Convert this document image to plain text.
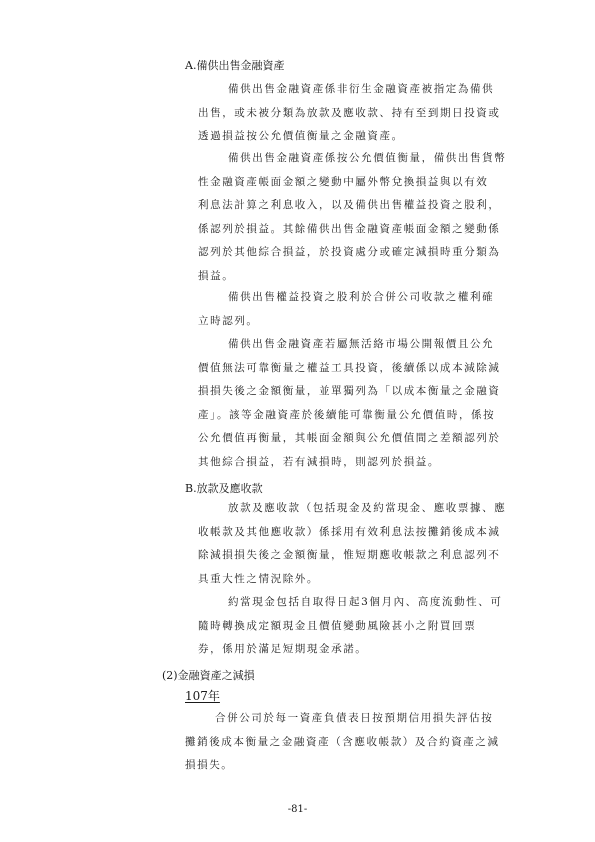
A.備供出售金融資產
備供出售金融資產係非衍生金融資產被指定為備供
出售，或未被分類為放款及應收款、持有至到期日投資或
透過損益按公允價值衡量之金融資產。
備供出售金融資產係按公允價值衡量，備供出售貨幣
性金融資產帳面金額之變動中屬外幣兌換損益與以有效
利息法計算之利息收入，以及備供出售權益投資之股利，
係認列於損益。其餘備供出售金融資產帳面金額之變動係
認列於其他綜合損益，於投資處分或確定減損時重分類為
損益。
備供出售權益投資之股利於合併公司收款之權利確
立時認列。
備供出售金融資產若屬無活絡市場公開報價且公允
價值無法可靠衡量之權益工具投資，後續係以成本減除減
損損失後之金額衡量，並單獨列為「以成本衡量之金融資
產」。該等金融資產於後續能可靠衡量公允價值時，係按
公允價值再衡量，其帳面金額與公允價值間之差額認列於
其他綜合損益，若有減損時，則認列於損益。
B.放款及應收款
放款及應收款（包括現金及約當現金、應收票據、應
收帳款及其他應收款）係採用有效利息法按攤銷後成本減
除減損損失後之金額衡量，惟短期應收帳款之利息認列不
具重大性之情況除外。
約當現金包括自取得日起3個月內、高度流動性、可
隨時轉換成定額現金且價值變動風險甚小之附買回票
券，係用於滿足短期現金承諾。
(2)金融資產之減損
107年
合併公司於每一資產負債表日按預期信用損失評估按
攤銷後成本衡量之金融資產（含應收帳款）及合約資產之減
損損失。
-81-
